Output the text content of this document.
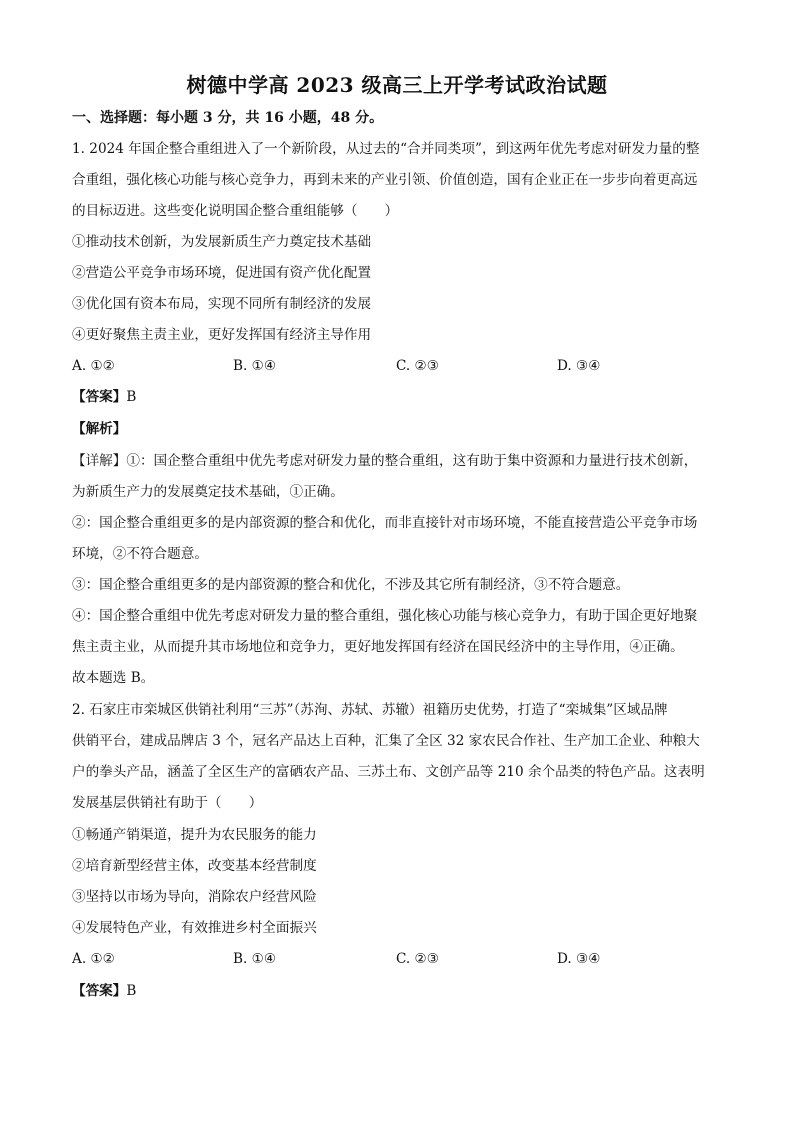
树德中学高 2023 级高三上开学考试政治试题
一、选择题：每小题 3 分，共 16 小题，48 分。
1. 2024 年国企整合重组进入了一个新阶段，从过去的“合并同类项”，到这两年优先考虑对研发力量的整
合重组，强化核心功能与核心竞争力，再到未来的产业引领、价值创造，国有企业正在一步步向着更高远
的目标迈进。这些变化说明国企整合重组能够（　　）
①推动技术创新，为发展新质生产力奠定技术基础
②营造公平竞争市场环境，促进国有资产优化配置
③优化国有资本布局，实现不同所有制经济的发展
④更好聚焦主责主业，更好发挥国有经济主导作用
A. ①②	B. ①④	C. ②③	D. ③④
【答案】B
【解析】
【详解】①：国企整合重组中优先考虑对研发力量的整合重组，这有助于集中资源和力量进行技术创新，
为新质生产力的发展奠定技术基础，①正确。
②：国企整合重组更多的是内部资源的整合和优化，而非直接针对市场环境，不能直接营造公平竞争市场
环境，②不符合题意。
③：国企整合重组更多的是内部资源的整合和优化，不涉及其它所有制经济，③不符合题意。
④：国企整合重组中优先考虑对研发力量的整合重组，强化核心功能与核心竞争力，有助于国企更好地聚
焦主责主业，从而提升其市场地位和竞争力，更好地发挥国有经济在国民经济中的主导作用，④正确。
故本题选 B。
2. 石家庄市栾城区供销社利用“三苏”（苏洵、苏轼、苏辙）祖籍历史优势，打造了“栾城集”区域品牌
供销平台，建成品牌店 3 个，冠名产品达上百种，汇集了全区 32 家农民合作社、生产加工企业、种粮大
户的拳头产品，涵盖了全区生产的富硒农产品、三苏土布、文创产品等 210 余个品类的特色产品。这表明
发展基层供销社有助于（　　）
①畅通产销渠道，提升为农民服务的能力
②培育新型经营主体，改变基本经营制度
③坚持以市场为导向，消除农户经营风险
④发展特色产业，有效推进乡村全面振兴
A. ①②	B. ①④	C. ②③	D. ③④
【答案】B
